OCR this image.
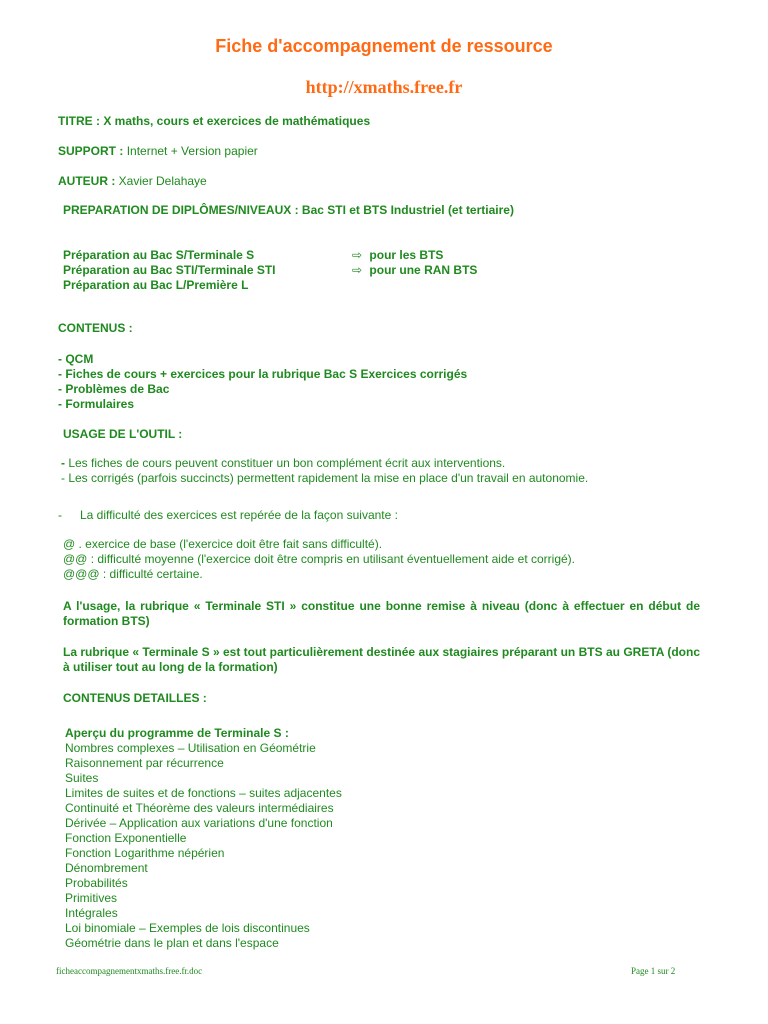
Fiche d'accompagnement de ressource
http://xmaths.free.fr
TITRE : X maths, cours et exercices de mathématiques
SUPPORT : Internet + Version papier
AUTEUR : Xavier Delahaye
PREPARATION DE DIPLÔMES/NIVEAUX : Bac STI et BTS Industriel (et tertiaire)
Préparation au Bac S/Terminale S
Préparation au Bac STI/Terminale STI
Préparation au Bac L/Première L
⇨ pour les BTS
⇨ pour une RAN BTS
CONTENUS :
- QCM
- Fiches de cours + exercices pour la rubrique Bac S Exercices corrigés
- Problèmes de Bac
- Formulaires
USAGE DE L'OUTIL :
- Les fiches de cours peuvent constituer un bon complément écrit aux interventions.
- Les corrigés (parfois succincts) permettent rapidement la mise en place d'un travail en autonomie.
- La difficulté des exercices est repérée de la façon suivante :
@ . exercice de base (l'exercice doit être fait sans difficulté).
@@ : difficulté moyenne (l'exercice doit être compris en utilisant éventuellement aide et corrigé).
@@@ : difficulté certaine.
A l'usage, la rubrique « Terminale STI » constitue une bonne remise à niveau (donc à effectuer en début de formation BTS)
La rubrique « Terminale S » est tout particulièrement destinée aux stagiaires préparant un BTS au GRETA (donc à utiliser tout au long de la formation)
CONTENUS DETAILLES :
Aperçu du programme de Terminale S :
Nombres complexes – Utilisation en Géométrie
Raisonnement par récurrence
Suites
Limites de suites et de fonctions – suites adjacentes
Continuité et Théorème des valeurs intermédiaires
Dérivée – Application aux variations d'une fonction
Fonction Exponentielle
Fonction Logarithme népérien
Dénombrement
Probabilités
Primitives
Intégrales
Loi binomiale – Exemples de lois discontinues
Géométrie dans le plan et dans l'espace
ficheaccompagnementxmaths.free.fr.doc	Page 1 sur 2
